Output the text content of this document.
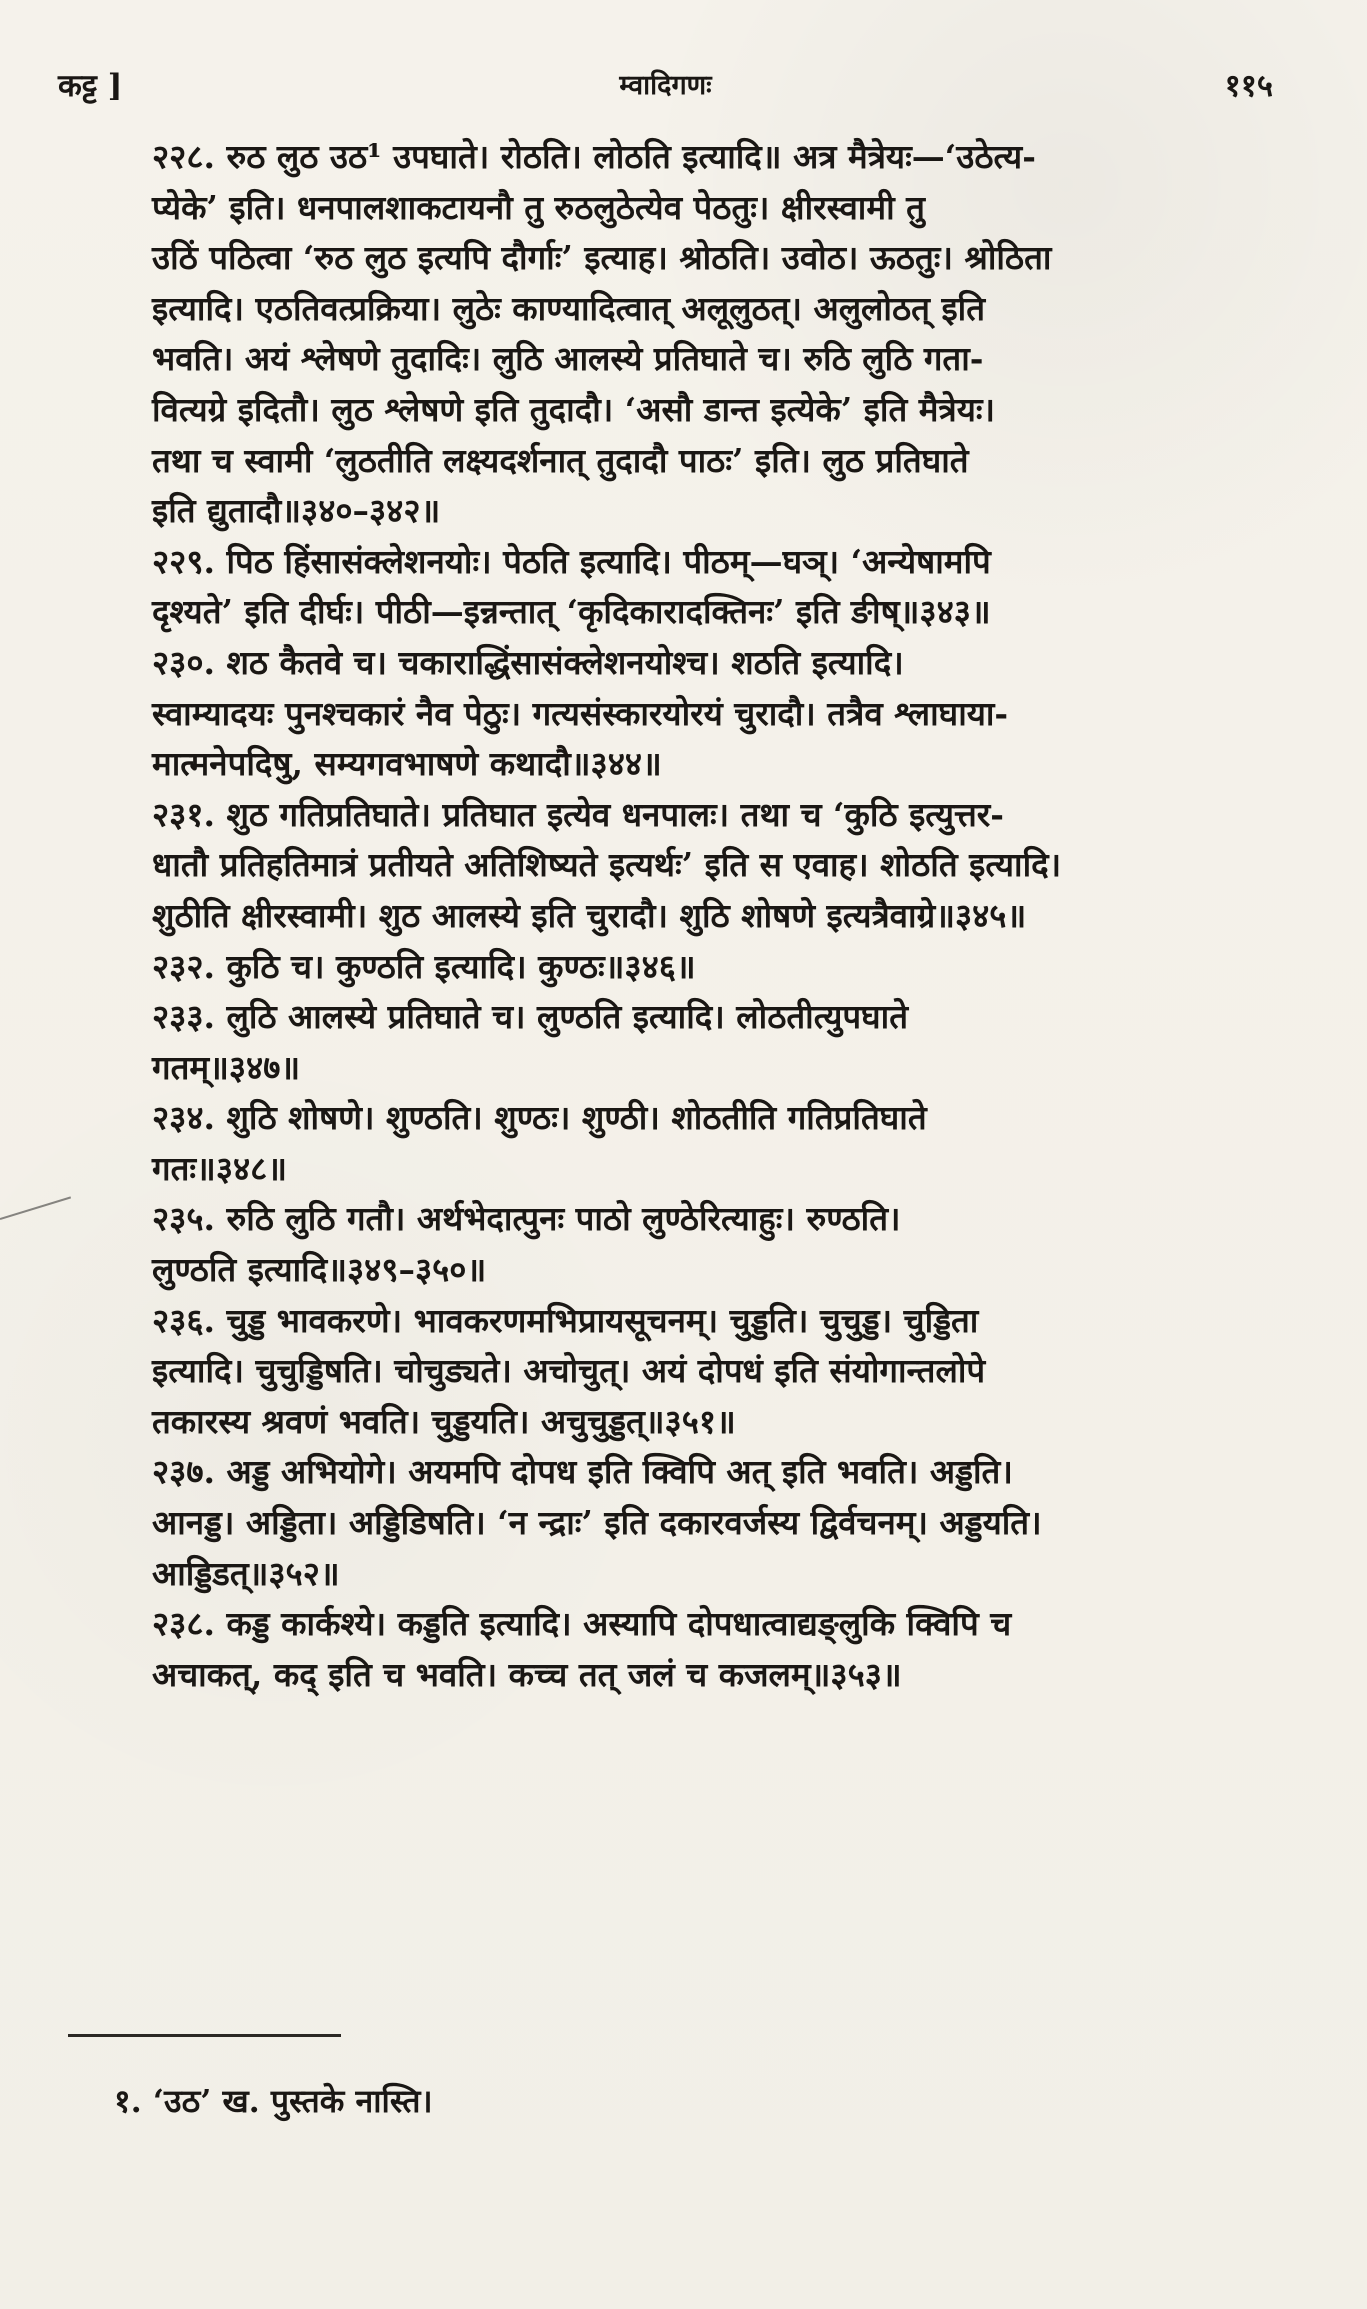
कट्ट ]	म्वादिगणः	११५

२२८. रुठ लुठ उठ¹ उपघाते। रोठति। लोठति इत्यादि॥ अत्र मैत्रेयः—‘उठेत्य-
प्येके’ इति। धनपालशाकटायनौ तु रुठलुठेत्येव पेठतुः। क्षीरस्वामी तु
उठिं पठित्वा ‘रुठ लुठ इत्यपि दौर्गाः’ इत्याह। श्रोठति। उवोठ। ऊठतुः। श्रोठिता
इत्यादि। एठतिवत्प्रक्रिया। लुठेः काण्यादित्वात् अलूलुठत्। अलुलोठत् इति
भवति। अयं श्लेषणे तुदादिः। लुठि आलस्ये प्रतिघाते च। रुठि लुठि गता-
वित्यग्रे इदितौ। लुठ श्लेषणे इति तुदादौ। ‘असौ डान्त इत्येके’ इति मैत्रेयः।
तथा च स्वामी ‘लुठतीति लक्ष्यदर्शनात् तुदादौ पाठः’ इति। लुठ प्रतिघाते
इति द्युतादौ॥३४०–३४२॥

२२९. पिठ हिंसासंक्लेशनयोः। पेठति इत्यादि। पीठम्—घञ्। ‘अन्येषामपि
दृश्यते’ इति दीर्घः। पीठी—इन्नन्तात् ‘कृदिकारादक्तिनः’ इति ङीष्॥३४३॥

२३०. शठ कैतवे च। चकाराद्धिंसासंक्लेशनयोश्च। शठति इत्यादि।
स्वाम्यादयः पुनश्चकारं नैव पेठुः। गत्यसंस्कारयोरयं चुरादौ। तत्रैव श्लाघाया-
मात्मनेपदिषु, सम्यगवभाषणे कथादौ॥३४४॥

२३१. शुठ गतिप्रतिघाते। प्रतिघात इत्येव धनपालः। तथा च ‘कुठि इत्युत्तर-
धातौ प्रतिहतिमात्रं प्रतीयते अतिशिष्यते इत्यर्थः’ इति स एवाह। शोठति इत्यादि।
शुठीति क्षीरस्वामी। शुठ आलस्ये इति चुरादौ। शुठि शोषणे इत्यत्रैवाग्रे॥३४५॥

२३२. कुठि च। कुण्ठति इत्यादि। कुण्ठः॥३४६॥

२३३. लुठि आलस्ये प्रतिघाते च। लुण्ठति इत्यादि। लोठतीत्युपघाते
गतम्॥३४७॥

२३४. शुठि शोषणे। शुण्ठति। शुण्ठः। शुण्ठी। शोठतीति गतिप्रतिघाते
गतः॥३४८॥

२३५. रुठि लुठि गतौ। अर्थभेदात्पुनः पाठो लुण्ठेरित्याहुः। रुण्ठति।
लुण्ठति इत्यादि॥३४९–३५०॥

२३६. चुड्ड भावकरणे। भावकरणमभिप्रायसूचनम्। चुड्डति। चुचुड्ड। चुड्डिता
इत्यादि। चुचुड्डिषति। चोचुड्यते। अचोचुत्। अयं दोपधं इति संयोगान्तलोपे
तकारस्य श्रवणं भवति। चुड्डयति। अचुचुड्डत्॥३५१॥

२३७. अड्ड अभियोगे। अयमपि दोपध इति क्विपि अत् इति भवति। अड्डति।
आनड्ड। अड्डिता। अड्डिडिषति। ‘न न्द्राः’ इति दकारवर्जस्य द्विर्वचनम्। अड्डयति।
आड्डिडत्॥३५२॥

२३८. कड्ड कार्कश्ये। कड्डति इत्यादि। अस्यापि दोपधात्वाद्यङ्लुकि क्विपि च
अचाकत्, कद् इति च भवति। कच्च तत् जलं च कजलम्॥३५३॥

१. ‘उठ’ ख. पुस्तके नास्ति।
